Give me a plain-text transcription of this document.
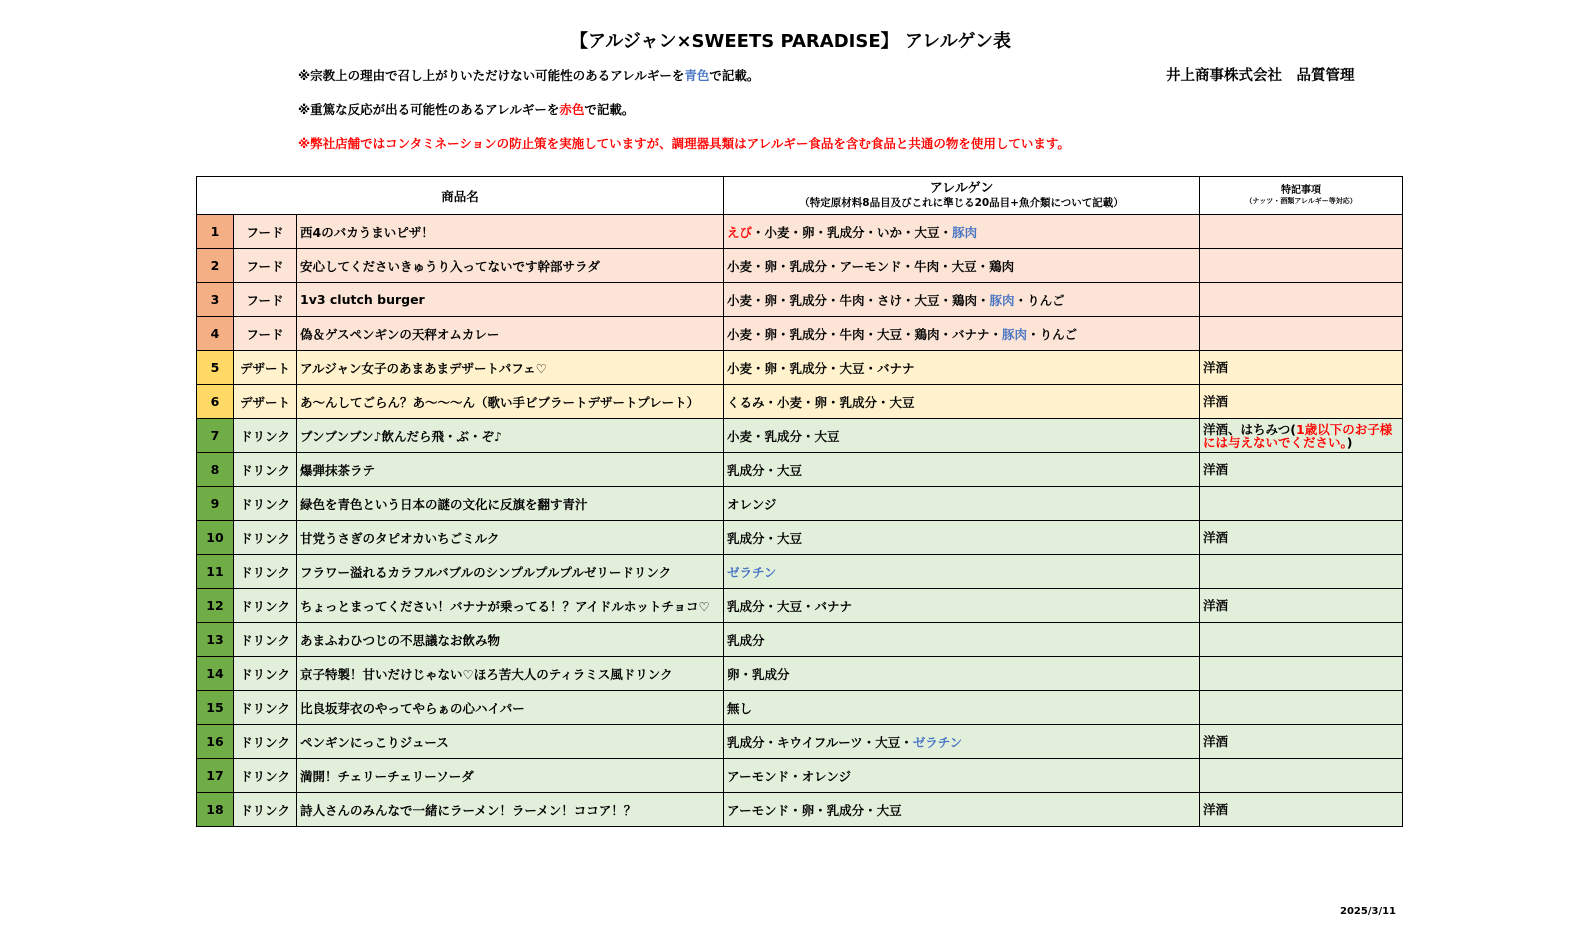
【アルジャン×SWEETS PARADISE】 アレルゲン表
※宗教上の理由で召し上がりいただけない可能性のあるアレルギーを青色で記載。
※重篤な反応が出る可能性のあるアレルギーを赤色で記載。
※弊社店舗ではコンタミネーションの防止策を実施していますが、調理器具類はアレルギー食品を含む食品と共通の物を使用しています。
井上商事株式会社　品質管理
商品名			アレルゲン
（特定原材料8品目及びこれに準じる20品目+魚介類について記載）	特記事項
（ナッツ・酒類アレルギー等対応）

1	フード	西4のバカうまいピザ！	えび・小麦・卵・乳成分・いか・大豆・豚肉	
2	フード	安心してくださいきゅうり入ってないです幹部サラダ	小麦・卵・乳成分・アーモンド・牛肉・大豆・鶏肉	
3	フード	1v3 clutch burger	小麦・卵・乳成分・牛肉・さけ・大豆・鶏肉・豚肉・りんご	
4	フード	偽＆ゲスペンギンの天秤オムカレー	小麦・卵・乳成分・牛肉・大豆・鶏肉・バナナ・豚肉・りんご	
5	デザート	アルジャン女子のあまあまデザートパフェ♡	小麦・卵・乳成分・大豆・バナナ	洋酒
6	デザート	あ～んしてごらん？あ～～～ん（歌い手ビブラートデザートプレート）	くるみ・小麦・卵・乳成分・大豆	洋酒
7	ドリンク	ブンブンブン♪飲んだら飛・ぶ・ぞ♪	小麦・乳成分・大豆	洋酒、はちみつ(1歳以下のお子様
には与えないでください。)
8	ドリンク	爆弾抹茶ラテ	乳成分・大豆	洋酒
9	ドリンク	緑色を青色という日本の謎の文化に反旗を翻す青汁	オレンジ	
10	ドリンク	甘党うさぎのタピオカいちごミルク	乳成分・大豆	洋酒
11	ドリンク	フラワー溢れるカラフルバブルのシンプルプルプルゼリードリンク	ゼラチン	
12	ドリンク	ちょっとまってください！バナナが乗ってる！？アイドルホットチョコ♡	乳成分・大豆・バナナ	洋酒
13	ドリンク	あまふわひつじの不思議なお飲み物	乳成分	
14	ドリンク	京子特製！甘いだけじゃない♡ほろ苦大人のティラミス風ドリンク	卵・乳成分	
15	ドリンク	比良坂芽衣のやってやらぁの心ハイパー	無し	
16	ドリンク	ペンギンにっこりジュース	乳成分・キウイフルーツ・大豆・ゼラチン	洋酒
17	ドリンク	満開！チェリーチェリーソーダ	アーモンド・オレンジ	
18	ドリンク	詩人さんのみんなで一緒にラーメン！ラーメン！ココア！？	アーモンド・卵・乳成分・大豆	洋酒
2025/3/11
